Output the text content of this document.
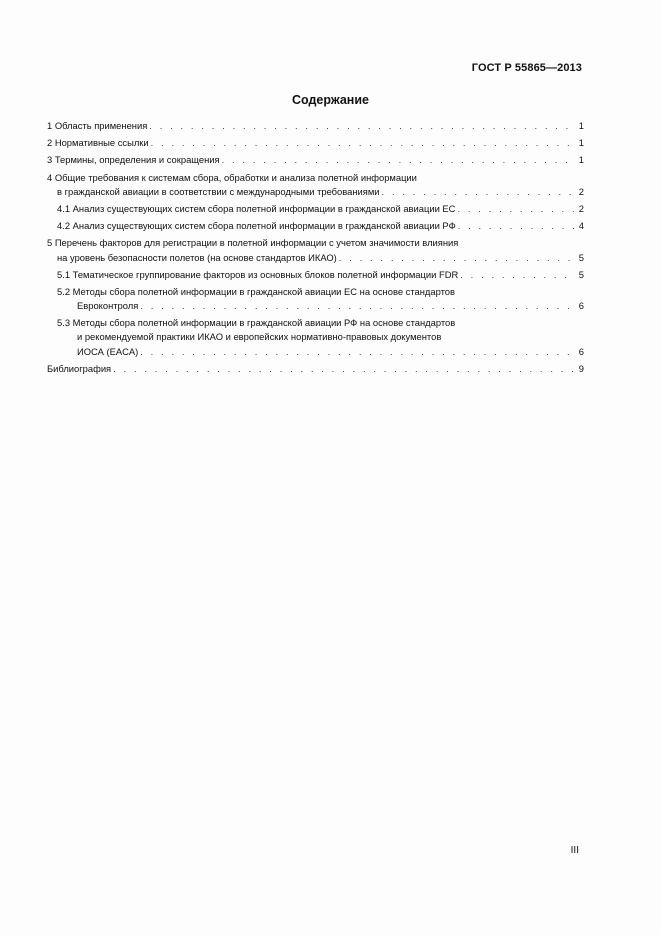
ГОСТ Р 55865—2013
Содержание
1 Область применения . . .	1
2 Нормативные ссылки . . .	1
3 Термины, определения и сокращения . . .	1
4 Общие требования к системам сбора, обработки и анализа полетной информации
в гражданской авиации в соответствии с международными требованиями . . .	2
4.1 Анализ существующих систем сбора полетной информации в гражданской авиации ЕС . . .	2
4.2 Анализ существующих систем сбора полетной информации в гражданской авиации РФ . . .	4
5 Перечень факторов для регистрации в полетной информации с учетом значимости влияния
на уровень безопасности полетов (на основе стандартов ИКАО) . . .	5
5.1 Тематическое группирование факторов из основных блоков полетной информации FDR . . .	5
5.2 Методы сбора полетной информации в гражданской авиации ЕС на основе стандартов
Евроконтроля . . .	6
5.3 Методы сбора полетной информации в гражданской авиации РФ на основе стандартов
и рекомендуемой практики ИКАО и европейских нормативно-правовых документов
ИОСА (EACA) . . .	6
Библиография . . .	9
III
